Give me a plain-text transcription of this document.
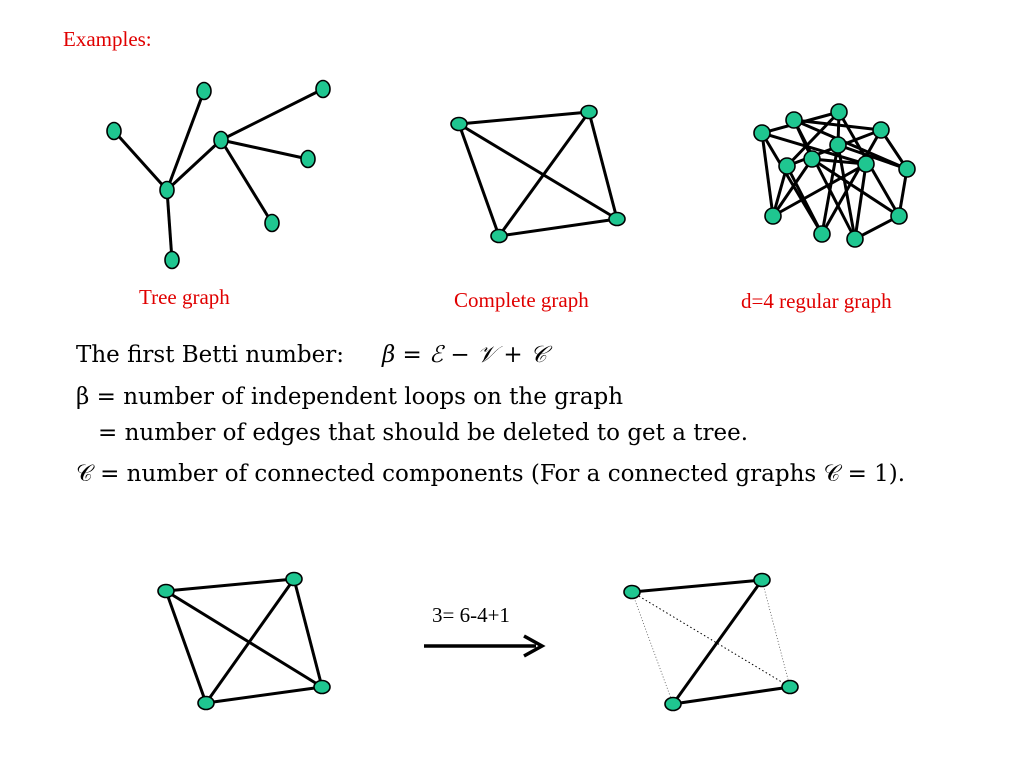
Examples:
Tree graph	Complete graph	d=4 regular graph
The first Betti number: β = ℰ − 𝒱 + 𝒞
β = number of independent loops on the graph
= number of edges that should be deleted to get a tree.
𝒞 = number of connected components (For a connected graphs 𝒞 = 1).
3= 6-4+1
